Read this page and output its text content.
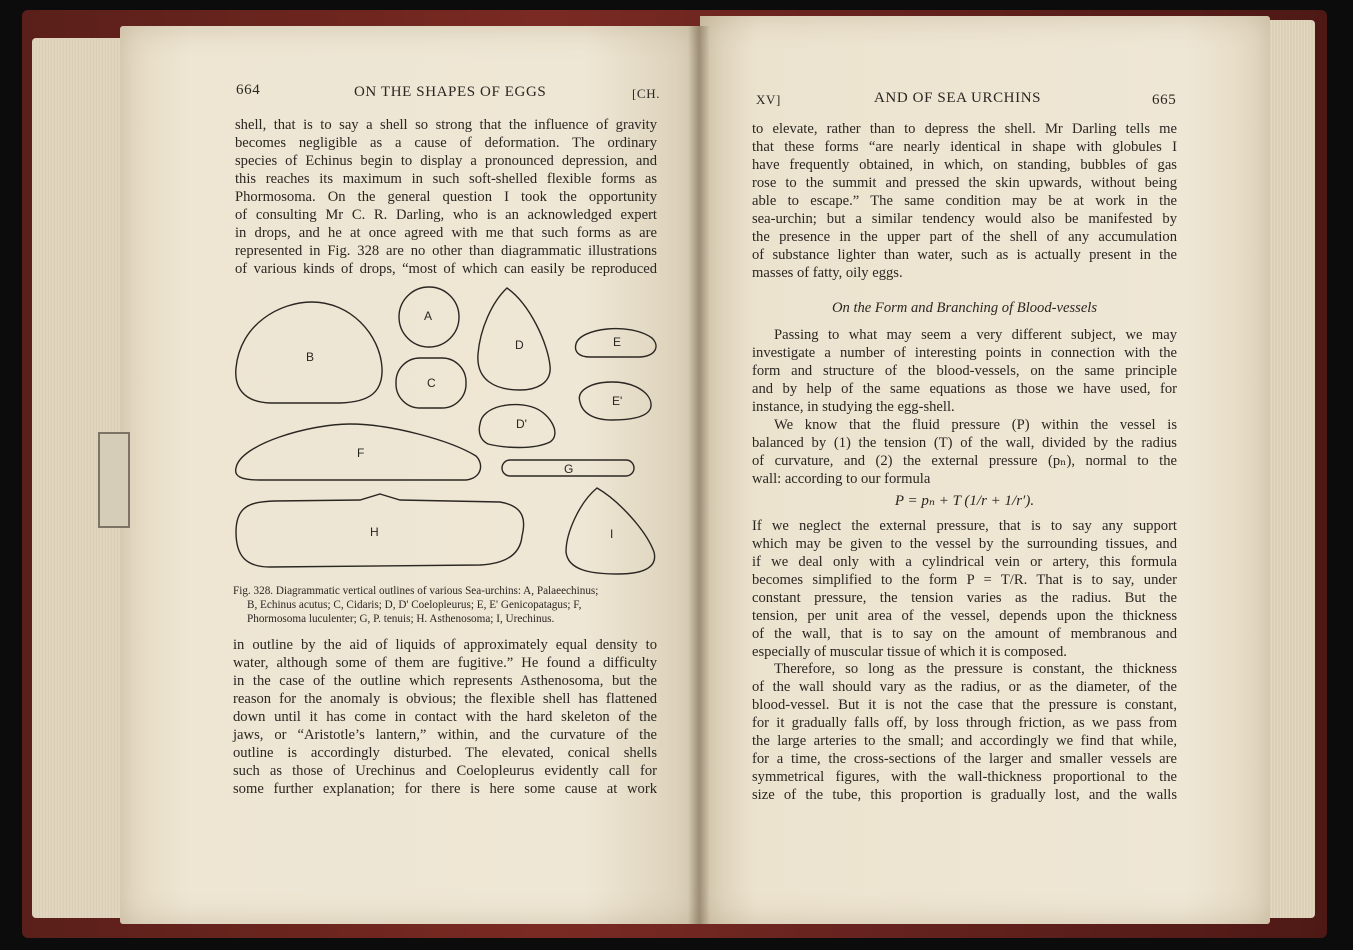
664	ON THE SHAPES OF EGGS	[CH.
shell, that is to say a shell so strong that the influence of gravity
becomes negligible as a cause of deformation. The ordinary
species of Echinus begin to display a pronounced depression, and
this reaches its maximum in such soft-shelled flexible forms as
Phormosoma. On the general question I took the opportunity
of consulting Mr C. R. Darling, who is an acknowledged expert
in drops, and he at once agreed with me that such forms as are
represented in Fig. 328 are no other than diagrammatic illustrations
of various kinds of drops, “most of which can easily be reproduced
A
B
C
D	E
E'
D'
F
G
H	I
Fig. 328. Diagrammatic vertical outlines of various Sea-urchins: A, Palaeechinus;
B, Echinus acutus; C, Cidaris; D, D' Coelopleurus; E, E' Genicopatagus; F,
Phormosoma luculenter; G, P. tenuis; H. Asthenosoma; I, Urechinus.
in outline by the aid of liquids of approximately equal density to
water, although some of them are fugitive.” He found a difficulty
in the case of the outline which represents Asthenosoma, but the
reason for the anomaly is obvious; the flexible shell has flattened
down until it has come in contact with the hard skeleton of the
jaws, or “Aristotle’s lantern,” within, and the curvature of the
outline is accordingly disturbed. The elevated, conical shells
such as those of Urechinus and Coelopleurus evidently call for
some further explanation; for there is here some cause at work
XV]	AND OF SEA URCHINS	665
to elevate, rather than to depress the shell. Mr Darling tells me
that these forms “are nearly identical in shape with globules I
have frequently obtained, in which, on standing, bubbles of gas
rose to the summit and pressed the skin upwards, without being
able to escape.” The same condition may be at work in the
sea-urchin; but a similar tendency would also be manifested by
the presence in the upper part of the shell of any accumulation
of substance lighter than water, such as is actually present in the
masses of fatty, oily eggs.
On the Form and Branching of Blood-vessels
Passing to what may seem a very different subject, we may
investigate a number of interesting points in connection with the
form and structure of the blood-vessels, on the same principle
and by help of the same equations as those we have used, for
instance, in studying the egg-shell.
We know that the fluid pressure (P) within the vessel is
balanced by (1) the tension (T) of the wall, divided by the radius
of curvature, and (2) the external pressure (pₙ), normal to the
wall: according to our formula
P = pₙ + T (1/r + 1/r′).
If we neglect the external pressure, that is to say any support
which may be given to the vessel by the surrounding tissues, and
if we deal only with a cylindrical vein or artery, this formula
becomes simplified to the form P = T/R. That is to say, under
constant pressure, the tension varies as the radius. But the
tension, per unit area of the vessel, depends upon the thickness
of the wall, that is to say on the amount of membranous and
especially of muscular tissue of which it is composed.
Therefore, so long as the pressure is constant, the thickness
of the wall should vary as the radius, or as the diameter, of the
blood-vessel. But it is not the case that the pressure is constant,
for it gradually falls off, by loss through friction, as we pass from
the large arteries to the small; and accordingly we find that while,
for a time, the cross-sections of the larger and smaller vessels are
symmetrical figures, with the wall-thickness proportional to the
size of the tube, this proportion is gradually lost, and the walls
